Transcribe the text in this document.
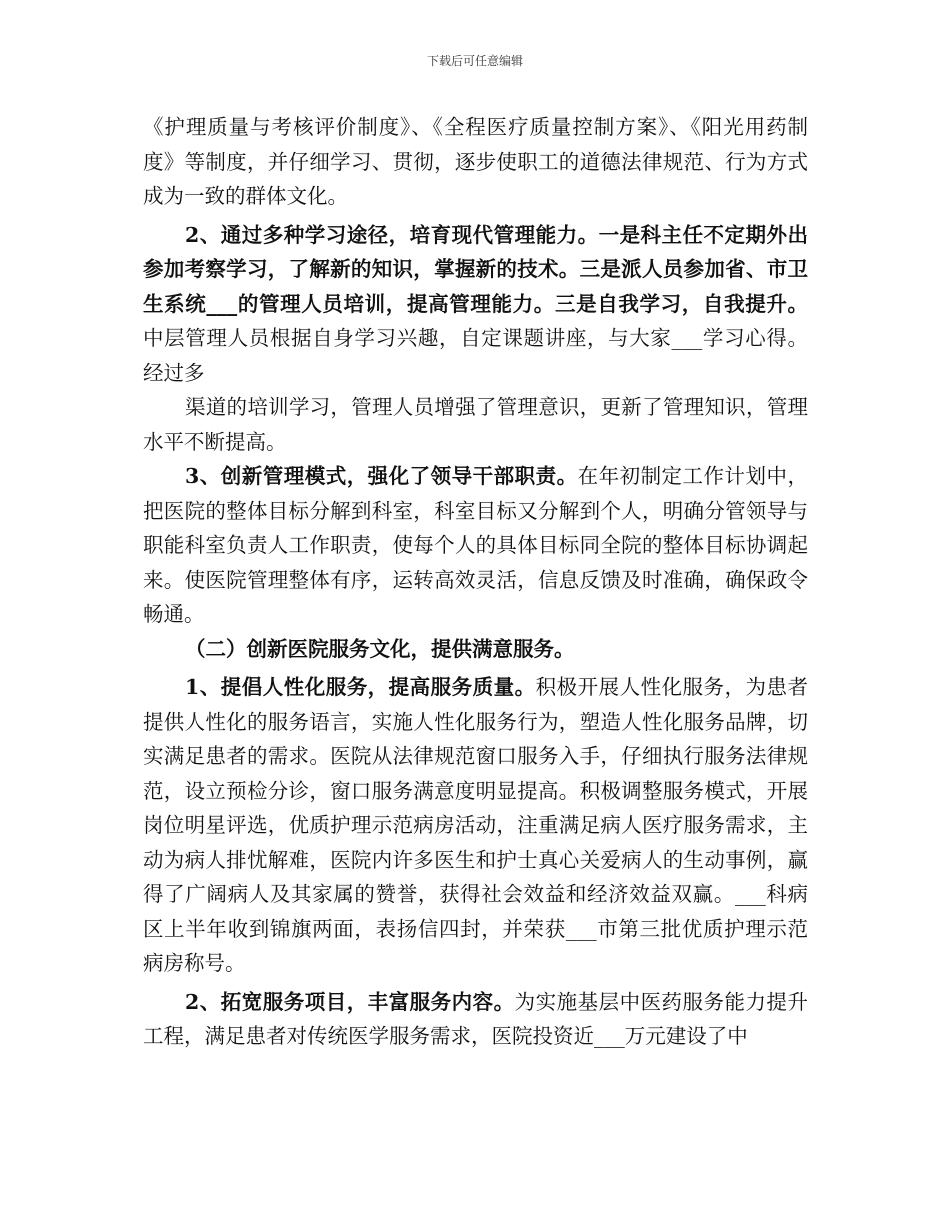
下载后可任意编辑

《护理质量与考核评价制度》、《全程医疗质量控制方案》、《阳光用药制度》等制度，并仔细学习、贯彻，逐步使职工的道德法律规范、行为方式成为一致的群体文化。

2、通过多种学习途径，培育现代管理能力。一是科主任不定期外出参加考察学习，了解新的知识，掌握新的技术。三是派人员参加省、市卫生系统___的管理人员培训，提高管理能力。三是自我学习，自我提升。中层管理人员根据自身学习兴趣，自定课题讲座，与大家___学习心得。经过多

渠道的培训学习，管理人员增强了管理意识，更新了管理知识，管理水平不断提高。

3、创新管理模式，强化了领导干部职责。在年初制定工作计划中，把医院的整体目标分解到科室，科室目标又分解到个人，明确分管领导与职能科室负责人工作职责，使每个人的具体目标同全院的整体目标协调起来。使医院管理整体有序，运转高效灵活，信息反馈及时准确，确保政令畅通。

（二）创新医院服务文化，提供满意服务。

1、提倡人性化服务，提高服务质量。积极开展人性化服务，为患者提供人性化的服务语言，实施人性化服务行为，塑造人性化服务品牌，切实满足患者的需求。医院从法律规范窗口服务入手，仔细执行服务法律规范，设立预检分诊，窗口服务满意度明显提高。积极调整服务模式，开展岗位明星评选，优质护理示范病房活动，注重满足病人医疗服务需求，主动为病人排忧解难，医院内许多医生和护士真心关爱病人的生动事例，赢得了广阔病人及其家属的赞誉，获得社会效益和经济效益双赢。___科病区上半年收到锦旗两面，表扬信四封，并荣获___市第三批优质护理示范病房称号。

2、拓宽服务项目，丰富服务内容。为实施基层中医药服务能力提升工程，满足患者对传统医学服务需求，医院投资近___万元建设了中
